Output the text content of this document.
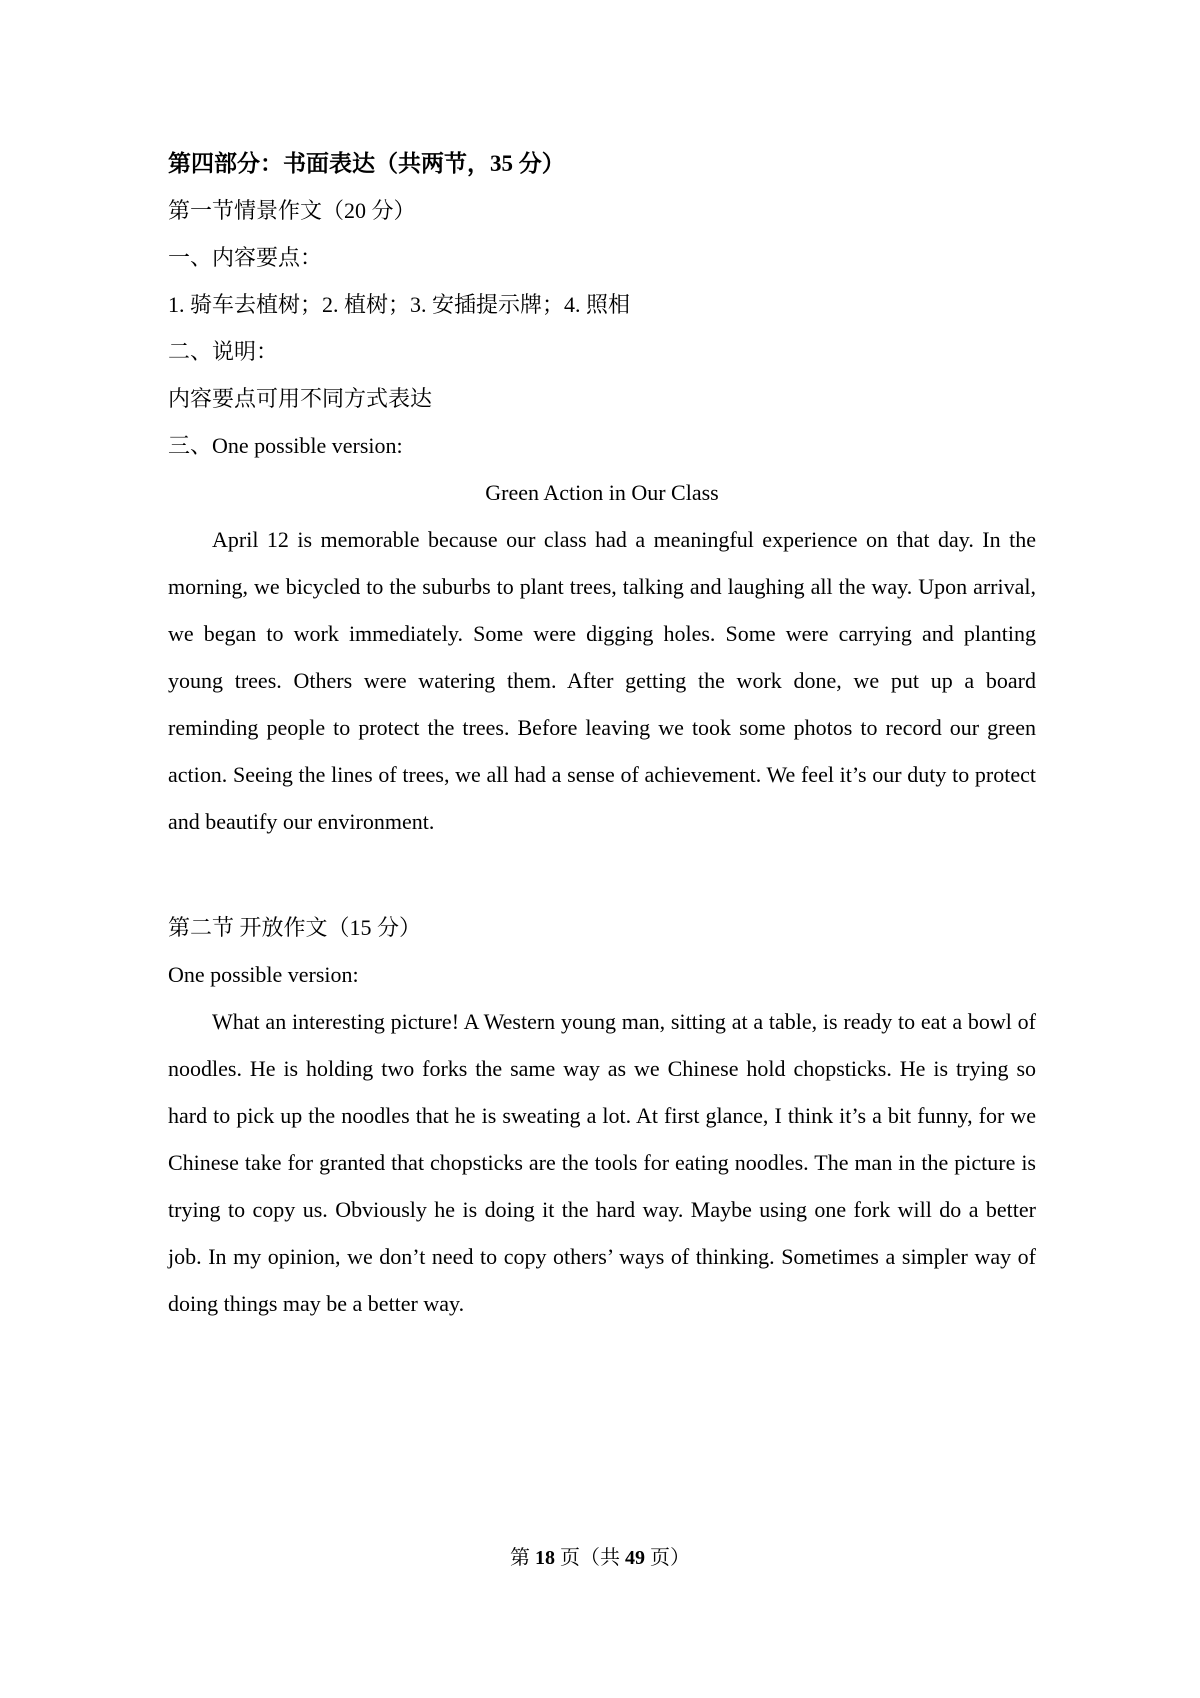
第四部分：书面表达（共两节，35 分）
第一节情景作文（20 分）
一、内容要点：
1. 骑车去植树；2. 植树；3. 安插提示牌；4. 照相
二、说明：
内容要点可用不同方式表达
三、One possible version:
Green Action in Our Class

April 12 is memorable because our class had a meaningful experience on that day. In the morning, we bicycled to the suburbs to plant trees, talking and laughing all the way. Upon arrival, we began to work immediately. Some were digging holes. Some were carrying and planting young trees. Others were watering them. After getting the work done, we put up a board reminding people to protect the trees. Before leaving we took some photos to record our green action. Seeing the lines of trees, we all had a sense of achievement. We feel it’s our duty to protect and beautify our environment.

第二节 开放作文（15 分）
One possible version:

What an interesting picture! A Western young man, sitting at a table, is ready to eat a bowl of noodles. He is holding two forks the same way as we Chinese hold chopsticks. He is trying so hard to pick up the noodles that he is sweating a lot. At first glance, I think it’s a bit funny, for we Chinese take for granted that chopsticks are the tools for eating noodles. The man in the picture is trying to copy us. Obviously he is doing it the hard way. Maybe using one fork will do a better job. In my opinion, we don’t need to copy others’ ways of thinking. Sometimes a simpler way of doing things may be a better way.

第 18 页（共 49 页）
